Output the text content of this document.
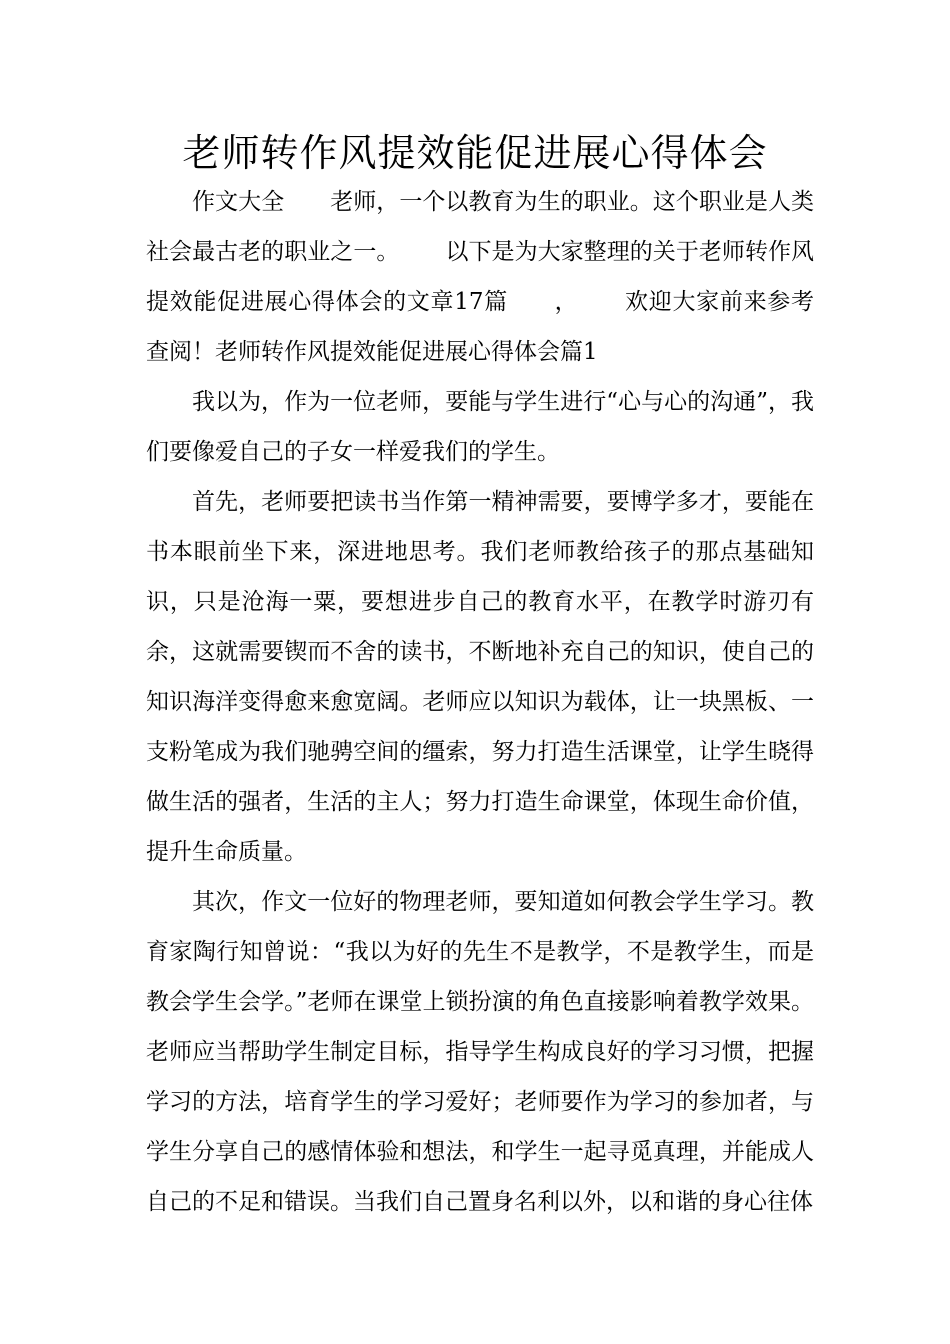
老师转作风提效能促进展心得体会

作文大全 老师，一个以教育为生的职业。这个职业是人类社会最古老的职业之一。 以下是为大家整理的关于老师转作风提效能促进展心得体会的文章17篇 ， 欢迎大家前来参考查阅！老师转作风提效能促进展心得体会篇1

我以为，作为一位老师，要能与学生进行“心与心的沟通”，我们要像爱自己的子女一样爱我们的学生。

首先，老师要把读书当作第一精神需要，要博学多才，要能在书本眼前坐下来，深进地思考。我们老师教给孩子的那点基础知识，只是沧海一粟，要想进步自己的教育水平，在教学时游刃有余，这就需要锲而不舍的读书，不断地补充自己的知识，使自己的知识海洋变得愈来愈宽阔。老师应以知识为载体，让一块黑板、一支粉笔成为我们驰骋空间的缰索，努力打造生活课堂，让学生晓得做生活的强者，生活的主人；努力打造生命课堂，体现生命价值，提升生命质量。

其次，作文一位好的物理老师，要知道如何教会学生学习。教育家陶行知曾说：“我以为好的先生不是教学，不是教学生，而是教会学生会学。”老师在课堂上锁扮演的角色直接影响着教学效果。老师应当帮助学生制定目标，指导学生构成良好的学习习惯，把握学习的方法，培育学生的学习爱好；老师要作为学习的参加者，与学生分享自己的感情体验和想法，和学生一起寻觅真理，并能成人自己的不足和错误。当我们自己置身名利以外，以和谐的身心往体
